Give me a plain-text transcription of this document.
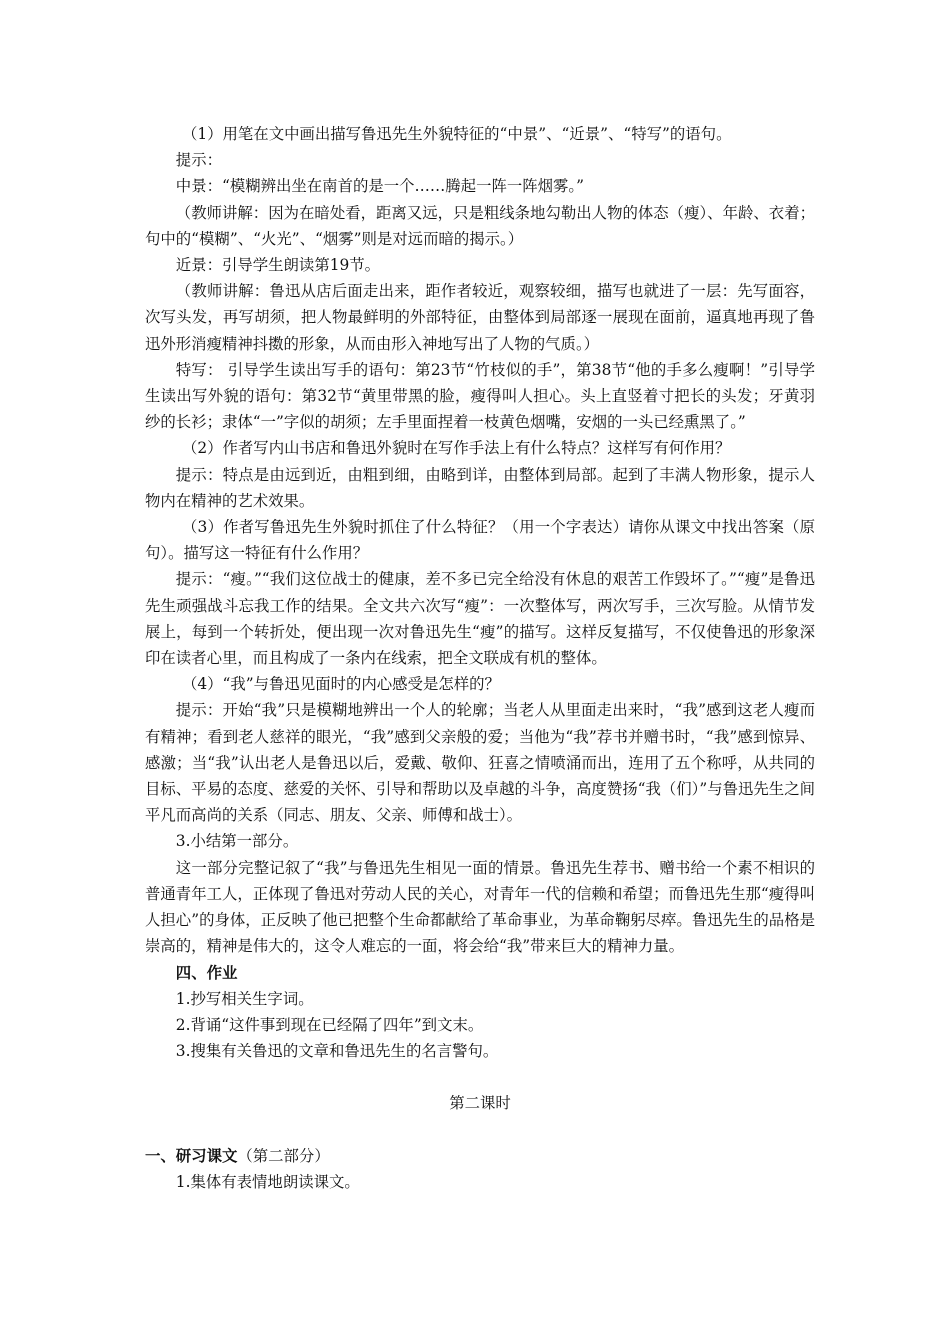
（1）用笔在文中画出描写鲁迅先生外貌特征的“中景”、“近景”、“特写”的语句。

提示：

中景：“模糊辨出坐在南首的是一个……腾起一阵一阵烟雾。”

（教师讲解：因为在暗处看，距离又远，只是粗线条地勾勒出人物的体态（瘦）、年龄、衣着；句中的“模糊”、“火光”、“烟雾”则是对远而暗的揭示。）

近景：引导学生朗读第19节。

（教师讲解：鲁迅从店后面走出来，距作者较近，观察较细，描写也就进了一层：先写面容，次写头发，再写胡须，把人物最鲜明的外部特征，由整体到局部逐一展现在面前，逼真地再现了鲁迅外形消瘦精神抖擞的形象，从而由形入神地写出了人物的气质。）

特写： 引导学生读出写手的语句：第23节“竹枝似的手”，第38节“他的手多么瘦啊！”引导学生读出写外貌的语句：第32节“黄里带黑的脸，瘦得叫人担心。头上直竖着寸把长的头发；牙黄羽纱的长衫；隶体“一”字似的胡须；左手里面捏着一枝黄色烟嘴，安烟的一头已经熏黑了。”

（2）作者写内山书店和鲁迅外貌时在写作手法上有什么特点？这样写有何作用？

提示：特点是由远到近，由粗到细，由略到详，由整体到局部。起到了丰满人物形象，提示人物内在精神的艺术效果。

（3）作者写鲁迅先生外貌时抓住了什么特征？（用一个字表达）请你从课文中找出答案（原句）。描写这一特征有什么作用？

提示：“瘦。”“我们这位战士的健康，差不多已完全给没有休息的艰苦工作毁坏了。”“瘦”是鲁迅先生顽强战斗忘我工作的结果。全文共六次写“瘦”：一次整体写，两次写手，三次写脸。从情节发展上，每到一个转折处，便出现一次对鲁迅先生“瘦”的描写。这样反复描写，不仅使鲁迅的形象深印在读者心里，而且构成了一条内在线索，把全文联成有机的整体。

（4）“我”与鲁迅见面时的内心感受是怎样的？

提示：开始“我”只是模糊地辨出一个人的轮廓；当老人从里面走出来时，“我”感到这老人瘦而有精神；看到老人慈祥的眼光，“我”感到父亲般的爱；当他为“我”荐书并赠书时，“我”感到惊异、感激；当“我”认出老人是鲁迅以后，爱戴、敬仰、狂喜之情喷涌而出，连用了五个称呼，从共同的目标、平易的态度、慈爱的关怀、引导和帮助以及卓越的斗争，高度赞扬“我（们）”与鲁迅先生之间平凡而高尚的关系（同志、朋友、父亲、师傅和战士）。

3.小结第一部分。

这一部分完整记叙了“我”与鲁迅先生相见一面的情景。鲁迅先生荐书、赠书给一个素不相识的普通青年工人，正体现了鲁迅对劳动人民的关心，对青年一代的信赖和希望；而鲁迅先生那“瘦得叫人担心”的身体，正反映了他已把整个生命都献给了革命事业，为革命鞠躬尽瘁。鲁迅先生的品格是崇高的，精神是伟大的，这令人难忘的一面，将会给“我”带来巨大的精神力量。

四、作业

1.抄写相关生字词。

2.背诵“这件事到现在已经隔了四年”到文末。

3.搜集有关鲁迅的文章和鲁迅先生的名言警句。

第二课时

一、研习课文（第二部分）

1.集体有表情地朗读课文。
